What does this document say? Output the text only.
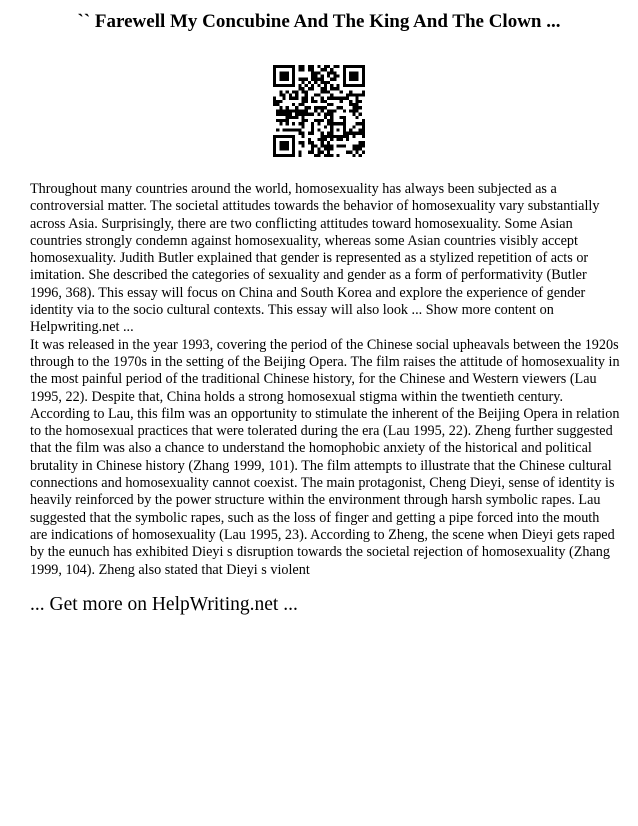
`` Farewell My Concubine And The King And The Clown ...

Throughout many countries around the world, homosexuality has always been subjected as a controversial matter. The societal attitudes towards the behavior of homosexuality vary substantially across Asia. Surprisingly, there are two conflicting attitudes toward homosexuality. Some Asian countries strongly condemn against homosexuality, whereas some Asian countries visibly accept homosexuality. Judith Butler explained that gender is represented as a stylized repetition of acts or imitation. She described the categories of sexuality and gender as a form of performativity (Butler 1996, 368). This essay will focus on China and South Korea and explore the experience of gender identity via to the socio cultural contexts. This essay will also look ... Show more content on Helpwriting.net ...

It was released in the year 1993, covering the period of the Chinese social upheavals between the 1920s through to the 1970s in the setting of the Beijing Opera. The film raises the attitude of homosexuality in the most painful period of the traditional Chinese history, for the Chinese and Western viewers (Lau 1995, 22). Despite that, China holds a strong homosexual stigma within the twentieth century. According to Lau, this film was an opportunity to stimulate the inherent of the Beijing Opera in relation to the homosexual practices that were tolerated during the era (Lau 1995, 22). Zheng further suggested that the film was also a chance to understand the homophobic anxiety of the historical and political brutality in Chinese history (Zhang 1999, 101). The film attempts to illustrate that the Chinese cultural connections and homosexuality cannot coexist. The main protagonist, Cheng Dieyi, sense of identity is heavily reinforced by the power structure within the environment through harsh symbolic rapes. Lau suggested that the symbolic rapes, such as the loss of finger and getting a pipe forced into the mouth are indications of homosexuality (Lau 1995, 23). According to Zheng, the scene when Dieyi gets raped by the eunuch has exhibited Dieyi s disruption towards the societal rejection of homosexuality (Zhang 1999, 104). Zheng also stated that Dieyi s violent

... Get more on HelpWriting.net ...
